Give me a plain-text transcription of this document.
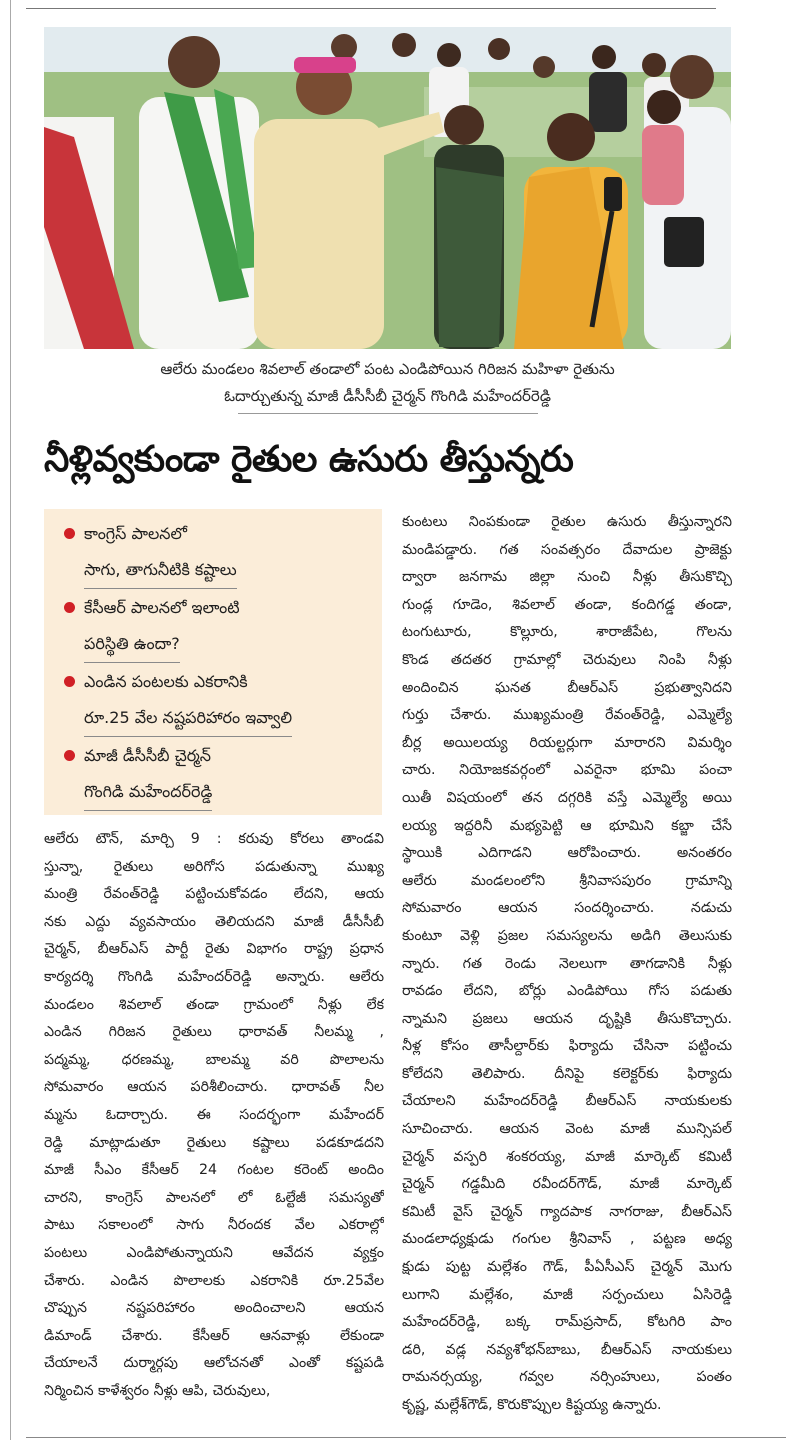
ఆలేరు మండలం శివలాల్ తండాలో పంట ఎండిపోయిన గిరిజన మహిళా రైతును
ఓదార్చుతున్న మాజీ డీసీసీబీ చైర్మన్ గొంగిడి మహేందర్‌రెడ్డి
నీళ్లివ్వకుండా రైతుల ఉసురు తీస్తున్నరు
కాంగ్రెస్ పాలనలో
సాగు, తాగునీటికి కష్టాలు
కేసీఆర్ పాలనలో ఇలాంటి
పరిస్థితి ఉందా?
ఎండిన పంటలకు ఎకరానికి
రూ.25 వేల నష్టపరిహారం ఇవ్వాలి
మాజీ డీసీసీబీ చైర్మన్
గొంగిడి మహేందర్‌రెడ్డి
ఆలేరు టౌన్, మార్చి 9 : కరువు కోరలు తాండవి
స్తున్నా, రైతులు అరిగోస పడుతున్నా ముఖ్య
మంత్రి రేవంత్‌రెడ్డి పట్టించుకోవడం లేదని, ఆయ
నకు ఎద్దు వ్యవసాయం తెలియదని మాజీ డీసీసీబీ
చైర్మన్, బీఆర్‌ఎస్ పార్టీ రైతు విభాగం రాష్ట్ర ప్రధాన
కార్యదర్శి గొంగిడి మహేందర్‌రెడ్డి అన్నారు. ఆలేరు
మండలం శివలాల్ తండా గ్రామంలో నీళ్లు లేక
ఎండిన గిరిజన రైతులు ధారావత్ నీలమ్మ ,
పద్మమ్మ, ధరణమ్మ, బాలమ్మ వరి పొలాలను
సోమవారం ఆయన పరిశీలించారు. ధారావత్ నీల
మ్మను ఓదార్చారు. ఈ సందర్భంగా మహేందర్
రెడ్డి మాట్లాడుతూ రైతులు కష్టాలు పడకూడదని
మాజీ సీఎం కేసీఆర్ 24 గంటల కరెంట్ అందిం
చారని, కాంగ్రెస్ పాలనలో లో ఓల్టేజీ సమస్యతో
పాటు సకాలంలో సాగు నీరందక వేల ఎకరాల్లో
పంటలు ఎండిపోతున్నాయని ఆవేదన వ్యక్తం
చేశారు. ఎండిన పొలాలకు ఎకరానికి రూ.25వేల
చొప్పున నష్టపరిహారం అందించాలని ఆయన
డిమాండ్ చేశారు. కేసీఆర్ ఆనవాళ్లు లేకుండా
చేయాలనే దుర్మార్గపు ఆలోచనతో ఎంతో కష్టపడి
నిర్మించిన కాళేశ్వరం నీళ్లు ఆపి, చెరువులు,
కుంటలు నింపకుండా రైతుల ఉసురు తీస్తున్నారని
మండిపడ్డారు. గత సంవత్సరం దేవాదుల ప్రాజెక్టు
ద్వారా జనగామ జిల్లా నుంచి నీళ్లు తీసుకొచ్చి
గుండ్ల గూడెం, శివలాల్ తండా, కందిగడ్డ తండా,
టంగుటూరు, కొల్లూరు, శారాజీపేట, గొలను
కొండ తదతర గ్రామాల్లో చెరువులు నింపి నీళ్లు
అందించిన ఘనత బీఆర్‌ఎస్ ప్రభుత్వానిదని
గుర్తు చేశారు. ముఖ్యమంత్రి రేవంత్‌రెడ్డి, ఎమ్మెల్యే
బీర్ల అయిలయ్య రియల్టర్లుగా మారారని విమర్శిం
చారు. నియోజకవర్గంలో ఎవరైనా భూమి పంచా
యితీ విషయంలో తన దగ్గరికి వస్తే ఎమ్మెల్యే అయి
లయ్య ఇద్దరినీ మభ్యపెట్టి ఆ భూమిని కబ్జా చేసే
స్థాయికి ఎదిగాడని ఆరోపించారు. అనంతరం
ఆలేరు మండలంలోని శ్రీనివాసపురం గ్రామాన్ని
సోమవారం ఆయన సందర్శించారు. నడుచు
కుంటూ వెళ్లి ప్రజల సమస్యలను అడిగి తెలుసుకు
న్నారు. గత రెండు నెలలుగా తాగడానికి నీళ్లు
రావడం లేదని, బోర్లు ఎండిపోయి గోస పడుతు
న్నామని ప్రజలు ఆయన దృష్టికి తీసుకొచ్చారు.
నీళ్ల కోసం తాసీల్దార్‌కు ఫిర్యాదు చేసినా పట్టించు
కోలేదని తెలిపారు. దీనిపై కలెక్టర్‌కు ఫిర్యాదు
చేయాలని మహేందర్‌రెడ్డి బీఆర్‌ఎస్ నాయకులకు
సూచించారు. ఆయన వెంట మాజీ మున్సిపల్
చైర్మన్ వస్పరి శంకరయ్య, మాజీ మార్కెట్ కమిటీ
చైర్మన్ గడ్డమీది రవీందర్‌గౌడ్, మాజీ మార్కెట్
కమిటీ వైస్ చైర్మన్ గ్యాదపాక నాగరాజు, బీఆర్‌ఎస్
మండలాధ్యక్షుడు గంగుల శ్రీనివాస్ , పట్టణ అధ్య
క్షుడు పుట్ట మల్లేశం గౌడ్, పీఏసీఎస్ చైర్మన్ మొగు
లుగాని మల్లేశం, మాజీ సర్పంచులు ఏసిరెడ్డి
మహేందర్‌రెడ్డి, బక్క రామ్‌ప్రసాద్, కోటగిరి పాం
డరి, వడ్ల నవ్యశోభన్‌బాబు, బీఆర్‌ఎస్ నాయకులు
రామనర్సయ్య, గవ్వల నర్సింహులు, పంతం
కృష్ణ, మల్లేశ్‌గౌడ్, కొరుకొప్పుల కిష్టయ్య ఉన్నారు.
